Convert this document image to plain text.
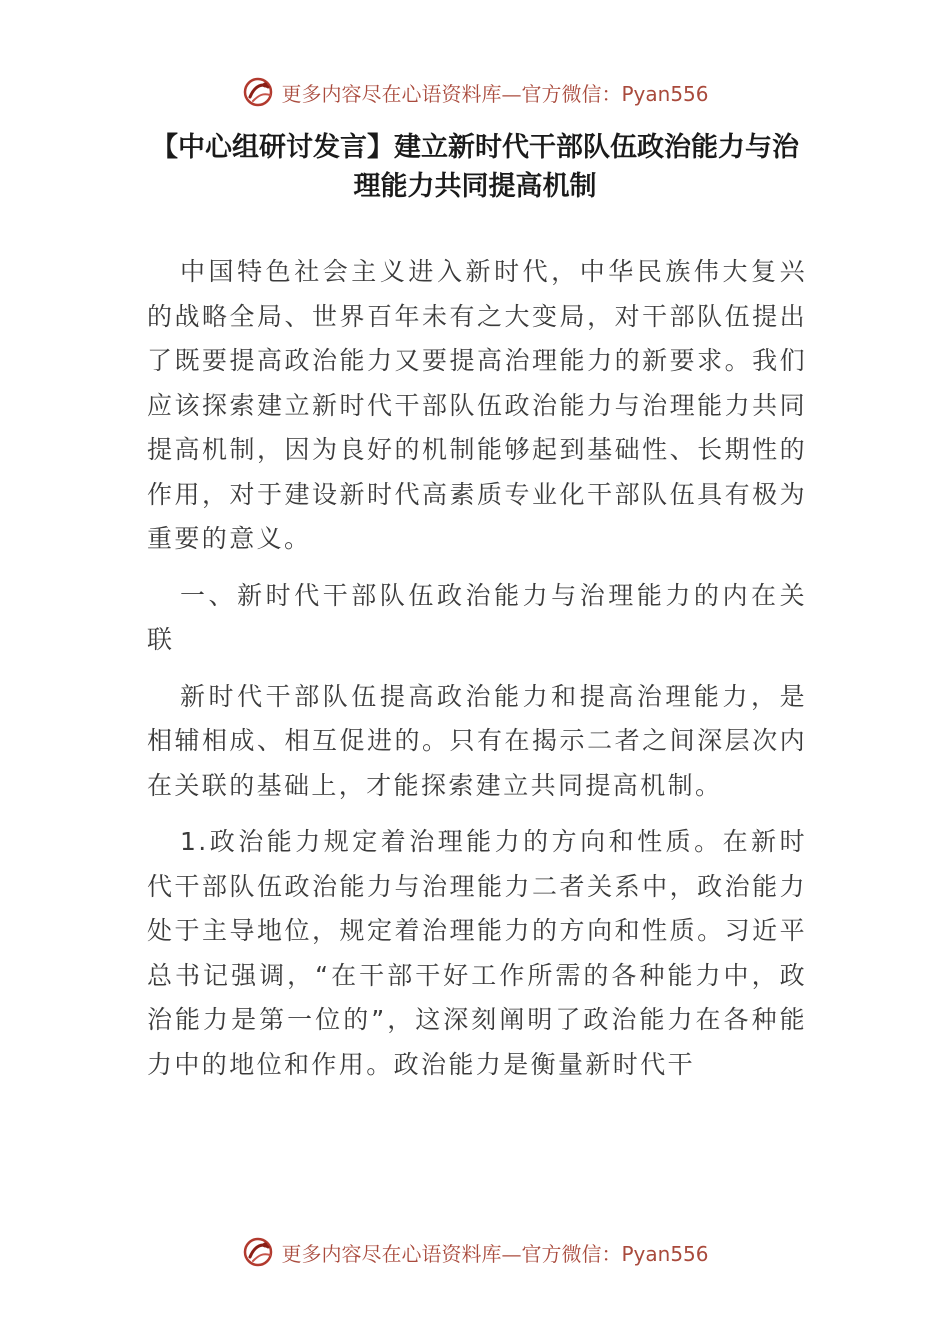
更多内容尽在心语资料库—官方微信：Pyan556
【中心组研讨发言】建立新时代干部队伍政治能力与治理能力共同提高机制

中国特色社会主义进入新时代，中华民族伟大复兴的战略全局、世界百年未有之大变局，对干部队伍提出了既要提高政治能力又要提高治理能力的新要求。我们应该探索建立新时代干部队伍政治能力与治理能力共同提高机制，因为良好的机制能够起到基础性、长期性的作用，对于建设新时代高素质专业化干部队伍具有极为重要的意义。

一、新时代干部队伍政治能力与治理能力的内在关联

新时代干部队伍提高政治能力和提高治理能力，是相辅相成、相互促进的。只有在揭示二者之间深层次内在关联的基础上，才能探索建立共同提高机制。

1.政治能力规定着治理能力的方向和性质。在新时代干部队伍政治能力与治理能力二者关系中，政治能力处于主导地位，规定着治理能力的方向和性质。习近平总书记强调，“在干部干好工作所需的各种能力中，政治能力是第一位的”，这深刻阐明了政治能力在各种能力中的地位和作用。政治能力是衡量新时代干

更多内容尽在心语资料库—官方微信：Pyan556
